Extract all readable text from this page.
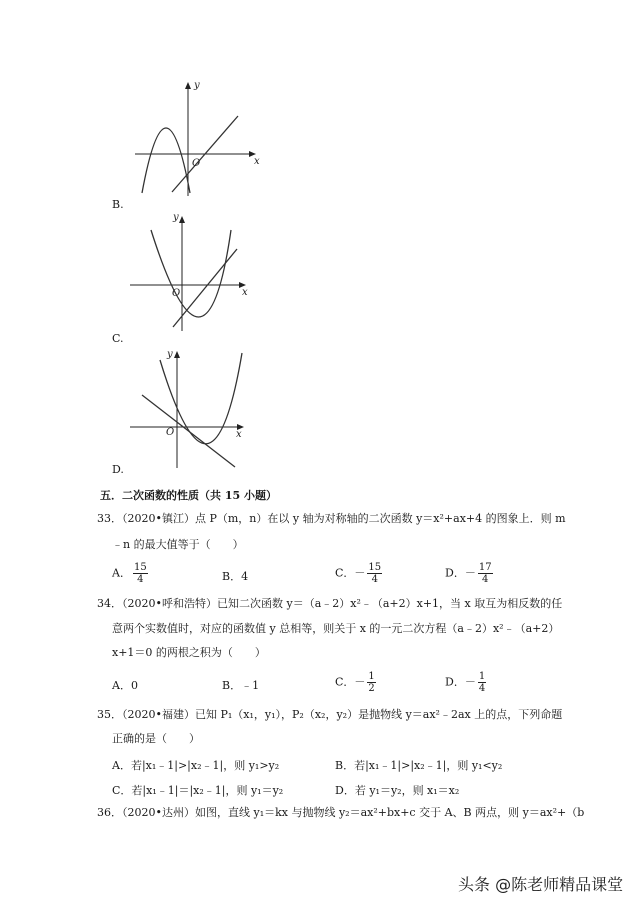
y
x
O
B.
y
x
O
C.
y
x
O
D.
五．二次函数的性质（共 15 小题）
33．（2020•镇江）点 P（m，n）在以 y 轴为对称轴的二次函数 y＝x²+ax+4 的图象上．则 m
﹣n 的最大值等于（　　）
A． $\frac{15}{4}$	B．4	C．－ $\frac{15}{4}$	D．－ $\frac{17}{4}$
34．（2020•呼和浩特）已知二次函数 y＝（a﹣2）x²﹣（a+2）x+1，当 x 取互为相反数的任
意两个实数值时，对应的函数值 y 总相等，则关于 x 的一元二次方程（a﹣2）x²﹣（a+2）
x+1＝0 的两根之积为（　　）
A．0	B．﹣1	C．－ $\frac{1}{2}$	D．－ $\frac{1}{4}$
35．（2020•福建）已知 P₁（x₁，y₁），P₂（x₂，y₂）是抛物线 y＝ax²﹣2ax 上的点，下列命题
正确的是（　　）
A．若|x₁﹣1|>|x₂﹣1|，则 y₁>y₂	B．若|x₁﹣1|>|x₂﹣1|，则 y₁<y₂
C．若|x₁﹣1|＝|x₂﹣1|，则 y₁＝y₂	D．若 y₁＝y₂，则 x₁＝x₂
36．（2020•达州）如图，直线 y₁＝kx 与抛物线 y₂＝ax²+bx+c 交于 A、B 两点，则 y＝ax²+（b
头条 @陈老师精品课堂
